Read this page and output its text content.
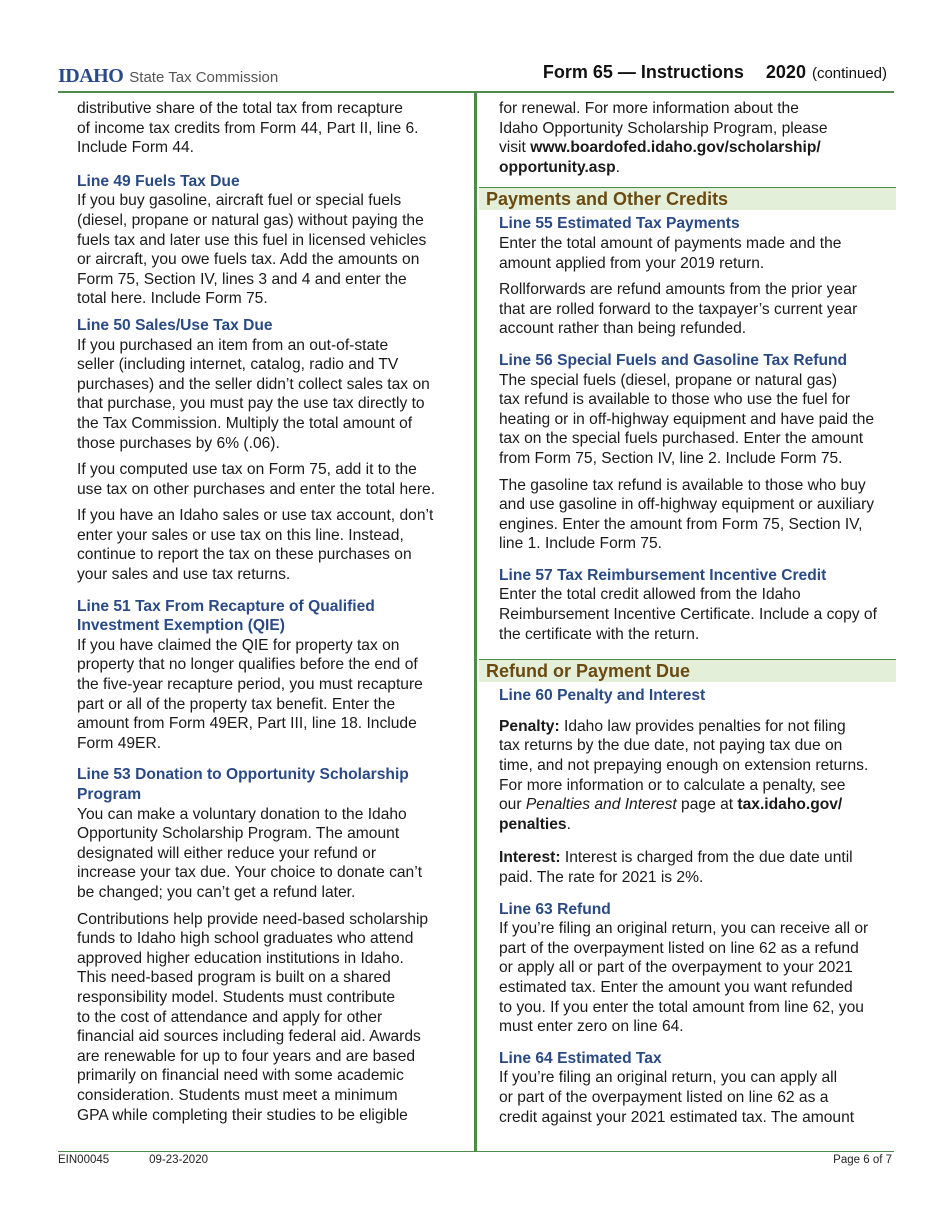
IDAHO State Tax Commission	Form 65 — Instructions 2020 (continued)

distributive share of the total tax from recapture
of income tax credits from Form 44, Part II, line 6.
Include Form 44.

Line 49 Fuels Tax Due

If you buy gasoline, aircraft fuel or special fuels
(diesel, propane or natural gas) without paying the
fuels tax and later use this fuel in licensed vehicles
or aircraft, you owe fuels tax. Add the amounts on
Form 75, Section IV, lines 3 and 4 and enter the
total here. Include Form 75.

Line 50 Sales/Use Tax Due

If you purchased an item from an out-of-state
seller (including internet, catalog, radio and TV
purchases) and the seller didn’t collect sales tax on
that purchase, you must pay the use tax directly to
the Tax Commission. Multiply the total amount of
those purchases by 6% (.06).

If you computed use tax on Form 75, add it to the
use tax on other purchases and enter the total here.

If you have an Idaho sales or use tax account, don’t
enter your sales or use tax on this line. Instead,
continue to report the tax on these purchases on
your sales and use tax returns.

Line 51 Tax From Recapture of Qualified
Investment Exemption (QIE)

If you have claimed the QIE for property tax on
property that no longer qualifies before the end of
the five-year recapture period, you must recapture
part or all of the property tax benefit. Enter the
amount from Form 49ER, Part III, line 18. Include
Form 49ER.

Line 53 Donation to Opportunity Scholarship
Program

You can make a voluntary donation to the Idaho
Opportunity Scholarship Program. The amount
designated will either reduce your refund or
increase your tax due. Your choice to donate can’t
be changed; you can’t get a refund later.

Contributions help provide need-based scholarship
funds to Idaho high school graduates who attend
approved higher education institutions in Idaho.
This need-based program is built on a shared
responsibility model. Students must contribute
to the cost of attendance and apply for other
financial aid sources including federal aid. Awards
are renewable for up to four years and are based
primarily on financial need with some academic
consideration. Students must meet a minimum
GPA while completing their studies to be eligible

for renewal. For more information about the
Idaho Opportunity Scholarship Program, please
visit www.boardofed.idaho.gov/scholarship/
opportunity.asp.

Payments and Other Credits

Line 55 Estimated Tax Payments

Enter the total amount of payments made and the
amount applied from your 2019 return.

Rollforwards are refund amounts from the prior year
that are rolled forward to the taxpayer’s current year
account rather than being refunded.

Line 56 Special Fuels and Gasoline Tax Refund

The special fuels (diesel, propane or natural gas)
tax refund is available to those who use the fuel for
heating or in off-highway equipment and have paid the
tax on the special fuels purchased. Enter the amount
from Form 75, Section IV, line 2. Include Form 75.

The gasoline tax refund is available to those who buy
and use gasoline in off-highway equipment or auxiliary
engines. Enter the amount from Form 75, Section IV,
line 1. Include Form 75.

Line 57 Tax Reimbursement Incentive Credit

Enter the total credit allowed from the Idaho
Reimbursement Incentive Certificate. Include a copy of
the certificate with the return.

Refund or Payment Due

Line 60 Penalty and Interest

Penalty: Idaho law provides penalties for not filing
tax returns by the due date, not paying tax due on
time, and not prepaying enough on extension returns.
For more information or to calculate a penalty, see
our Penalties and Interest page at tax.idaho.gov/
penalties.

Interest: Interest is charged from the due date until
paid. The rate for 2021 is 2%.

Line 63 Refund

If you’re filing an original return, you can receive all or
part of the overpayment listed on line 62 as a refund
or apply all or part of the overpayment to your 2021
estimated tax. Enter the amount you want refunded
to you. If you enter the total amount from line 62, you
must enter zero on line 64.

Line 64 Estimated Tax

If you’re filing an original return, you can apply all
or part of the overpayment listed on line 62 as a
credit against your 2021 estimated tax. The amount

EIN00045	09-23-2020	Page 6 of 7
